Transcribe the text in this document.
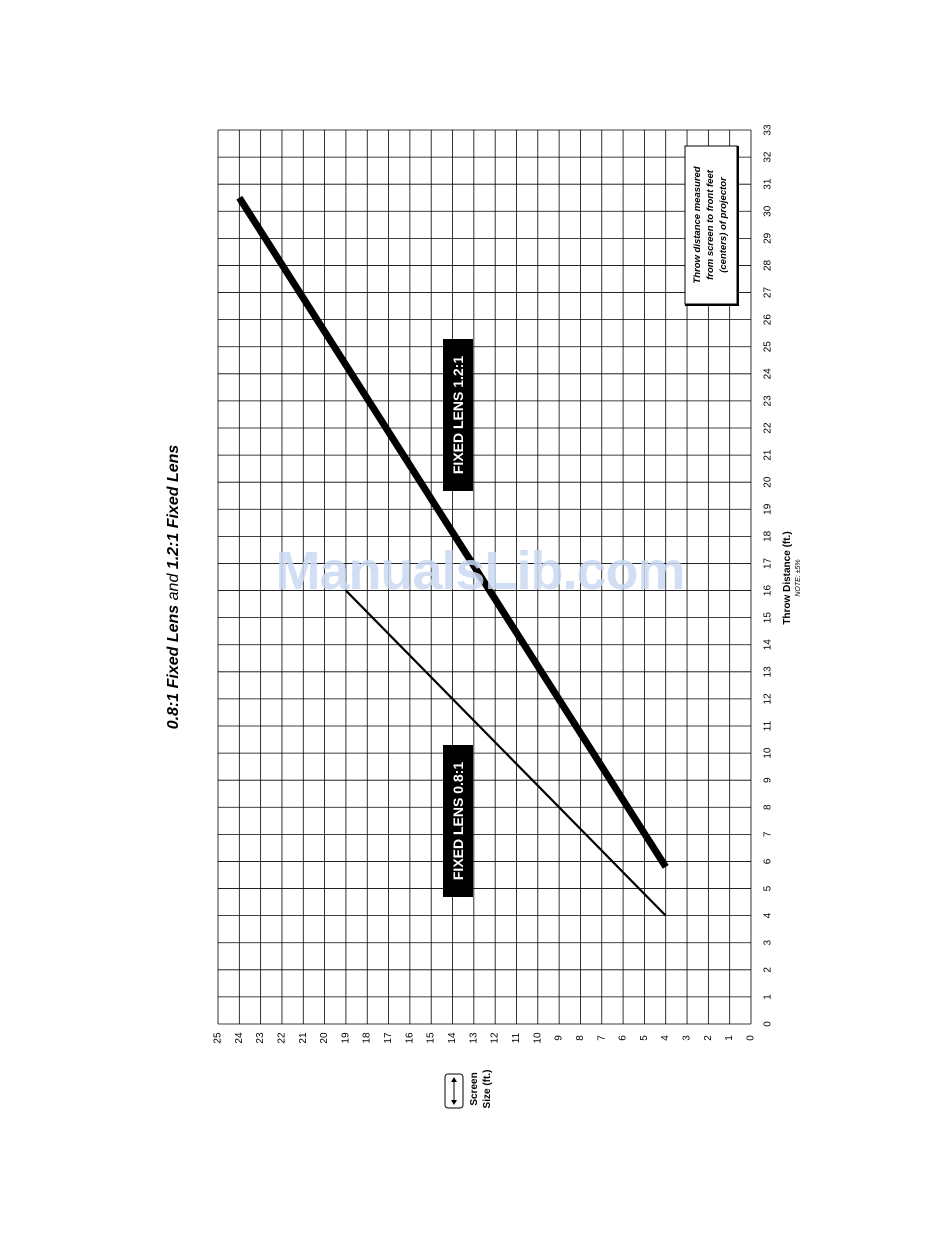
0
1
2
3
4
5
6
7
8
9
10
11
12
13
14
15
16
17
18
19
20
21
22
23
24
25
26
27
28
29
30
31
32
33
0
1
2
3
4
5
6
7
8
9
10
11
12
13
14
15
16
17
18
19
20
21
22
23
24
25
FIXED LENS 0.8:1
FIXED LENS 1.2:1
0.8:1 Fixed Lens and 1.2:1 Fixed Lens
Throw Distance (ft.) NOTE: ±5%
Screen Size (ft.)
Throw distance measured from screen to front feet (centers) of projector
ManualsLib.com
